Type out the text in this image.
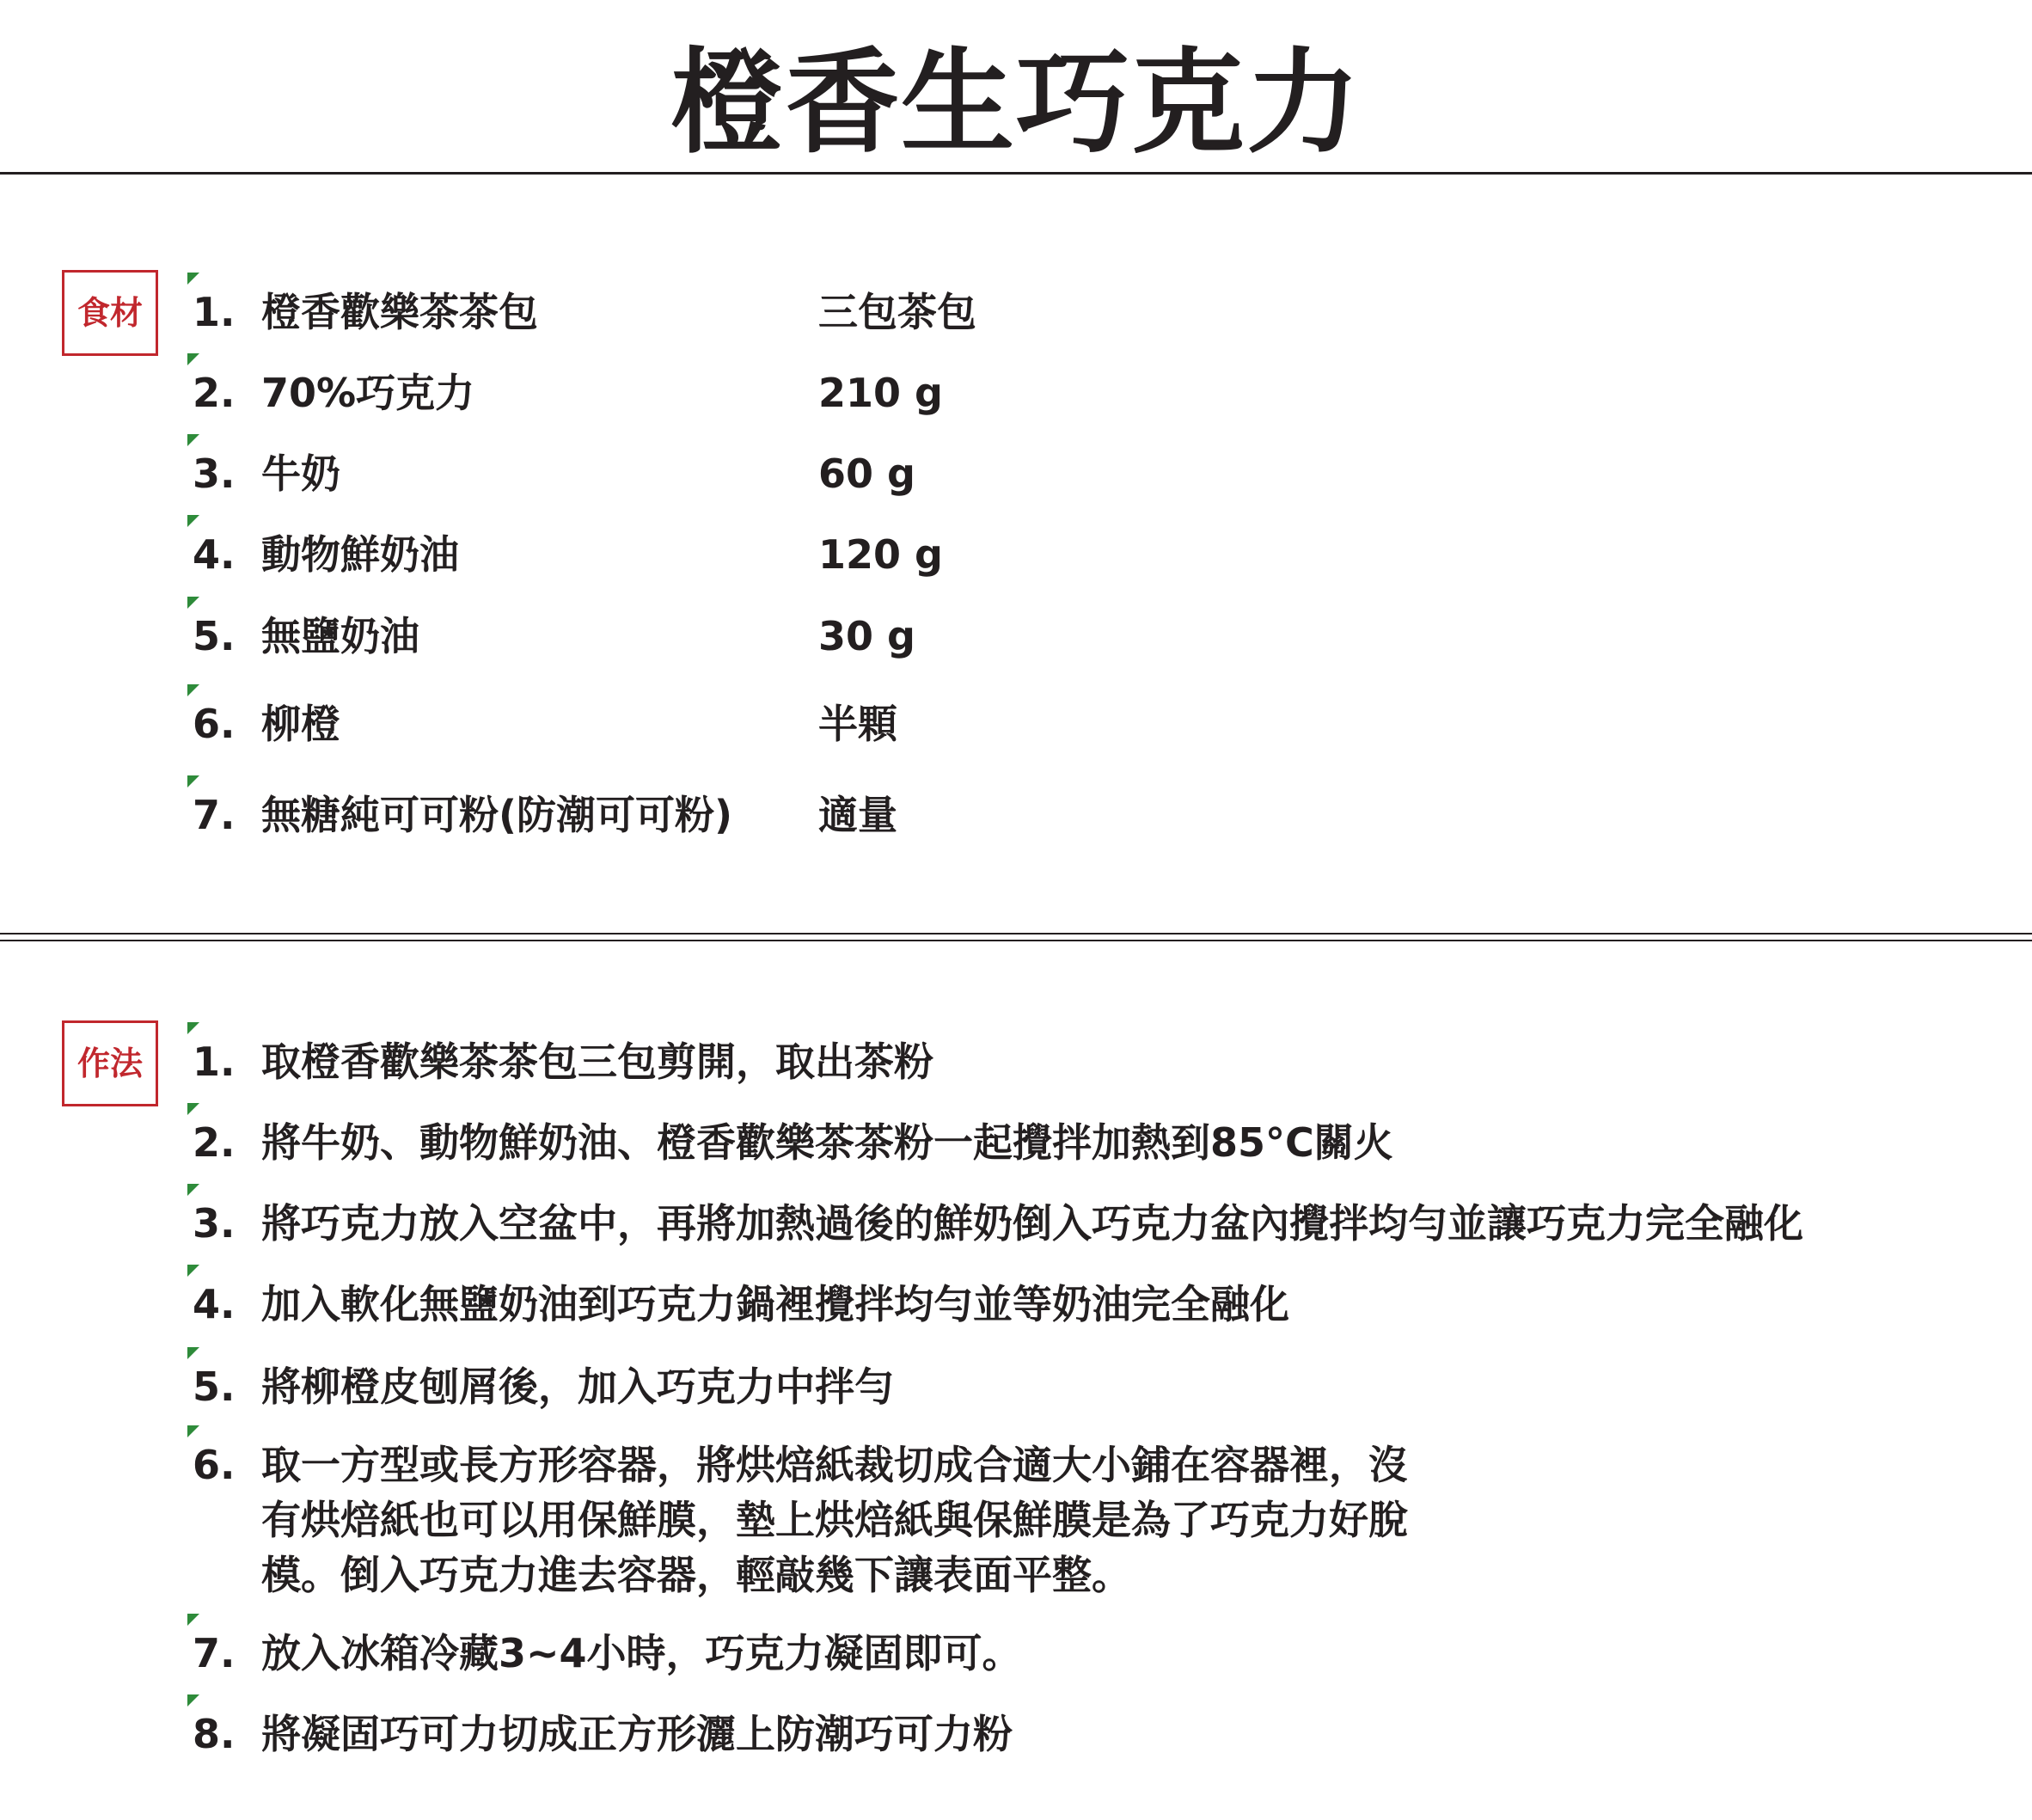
橙香生巧克力
食材	1. 橙香歡樂茶茶包	三包茶包
2. 70%巧克力	210 g
3. 牛奶	60 g
4. 動物鮮奶油	120 g
5. 無鹽奶油	30 g
6. 柳橙	半顆
7. 無糖純可可粉(防潮可可粉) 適量
作法	1. 取橙香歡樂茶茶包三包剪開，取出茶粉
2. 將牛奶、動物鮮奶油、橙香歡樂茶茶粉一起攪拌加熱到85°C關火
3. 將巧克力放入空盆中，再將加熱過後的鮮奶倒入巧克力盆內攪拌均勻並讓巧克力完全融化
4. 加入軟化無鹽奶油到巧克力鍋裡攪拌均勻並等奶油完全融化
5. 將柳橙皮刨屑後，加入巧克力中拌勻
6. 取一方型或長方形容器，將烘焙紙裁切成合適大小鋪在容器裡，沒
有烘焙紙也可以用保鮮膜，墊上烘焙紙與保鮮膜是為了巧克力好脫
模。倒入巧克力進去容器，輕敲幾下讓表面平整。
7. 放入冰箱冷藏3~4小時，巧克力凝固即可。
8. 將凝固巧可力切成正方形灑上防潮巧可力粉
